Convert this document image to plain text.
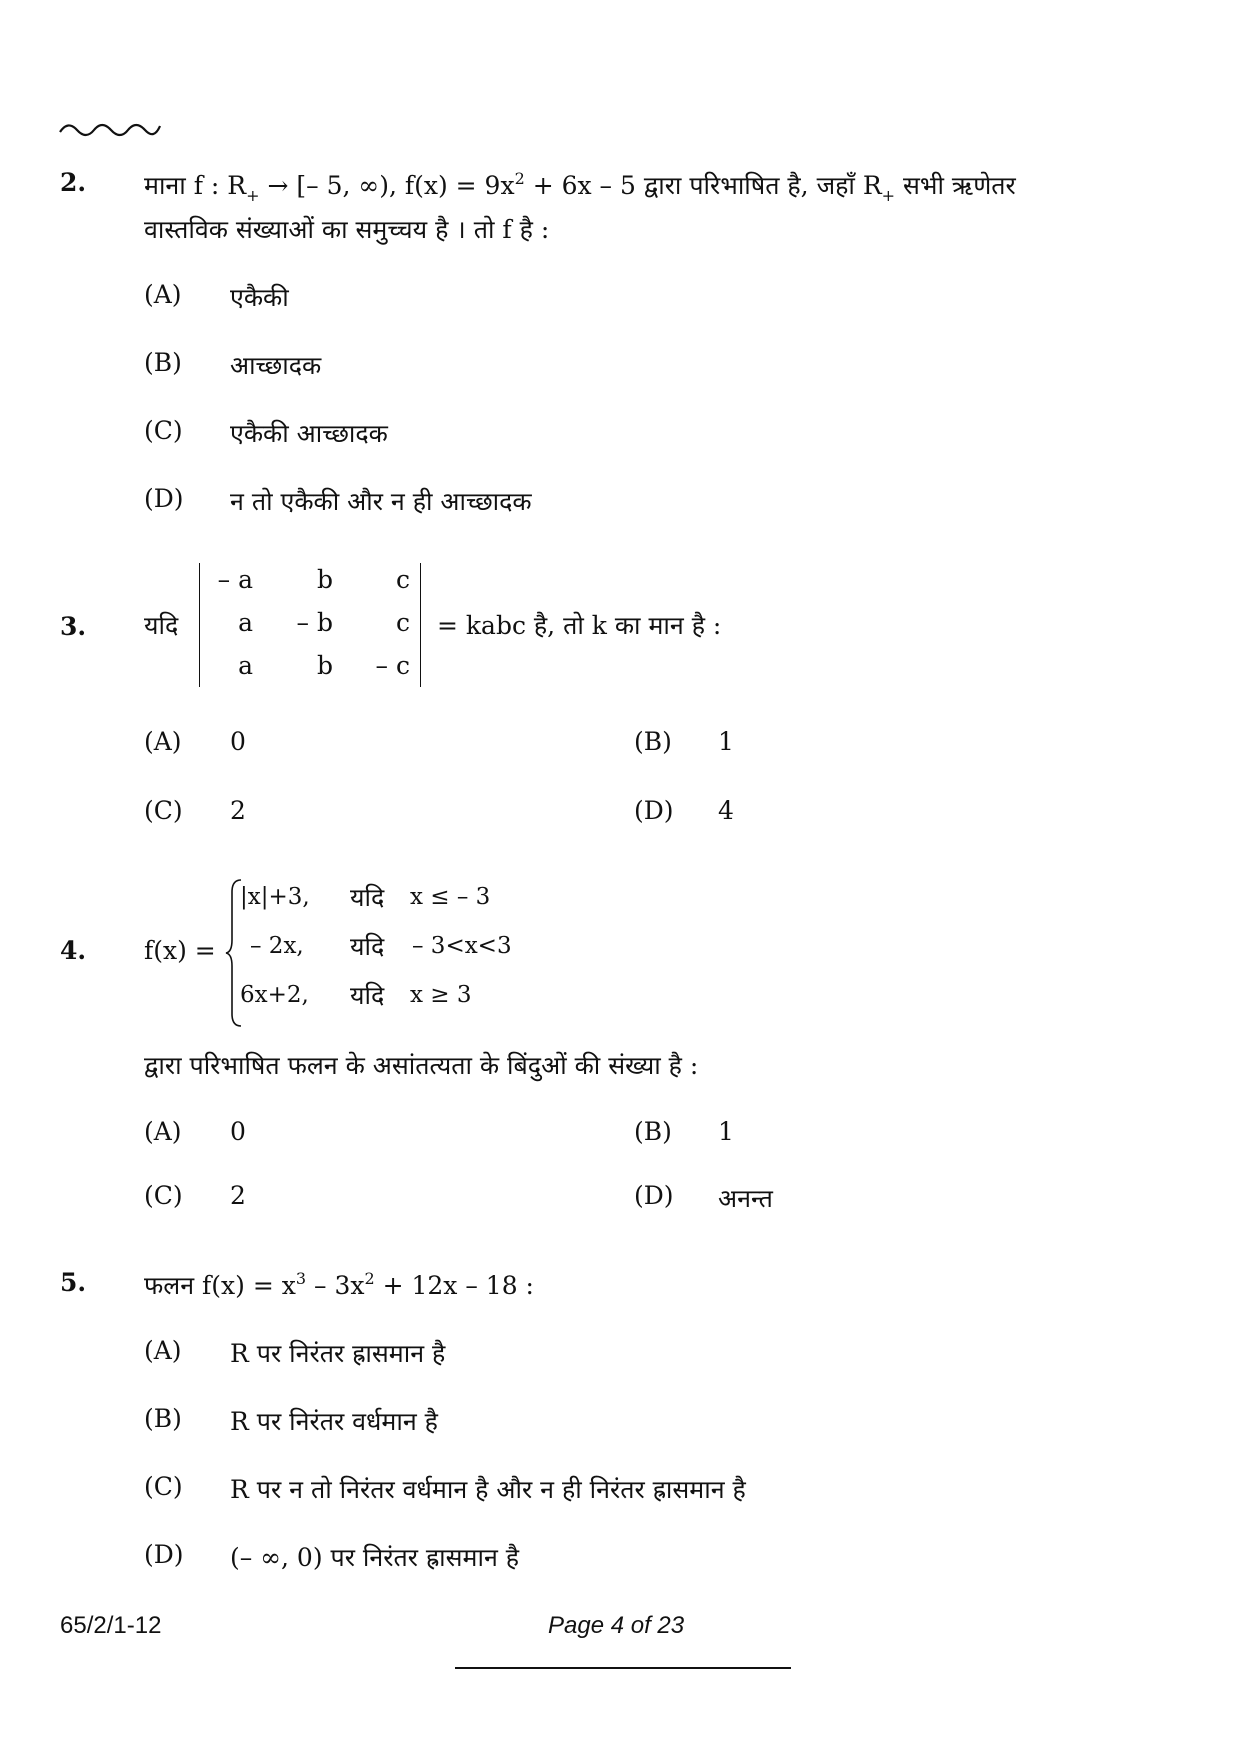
2. माना f : $R_+$ → [– 5, ∞), $f(x) = 9x^2 + 6x - 5$ द्वारा परिभाषित है, जहाँ $R_+$ सभी ऋणेतर
वास्तविक संख्याओं का समुच्चय है । तो f है :
(A) एकैकी
(B) आच्छादक
(C) एकैकी आच्छादक
(D) न तो एकैकी और न ही आच्छादक
3. यदि
– a	b	c
a	– b	c
a	b	– c
= kabc है, तो k का मान है :
(A) 0	(B) 1
(C) 2	(D) 4
4. f(x) =
|x|+3, यदि x ≤ – 3
– 2x, यदि – 3<x<3
6x+2, यदि x ≥ 3
द्वारा परिभाषित फलन के असांतत्यता के बिंदुओं की संख्या है :
(A) 0	(B) 1
(C) 2	(D) अनन्त
5. फलन $f(x) = x^3 - 3x^2 + 12x - 18$ :
(A) R पर निरंतर ह्रासमान है
(B) R पर निरंतर वर्धमान है
(C) R पर न तो निरंतर वर्धमान है और न ही निरंतर ह्रासमान है
(D) (– ∞, 0) पर निरंतर ह्रासमान है
65/2/1-12	Page 4 of 23
